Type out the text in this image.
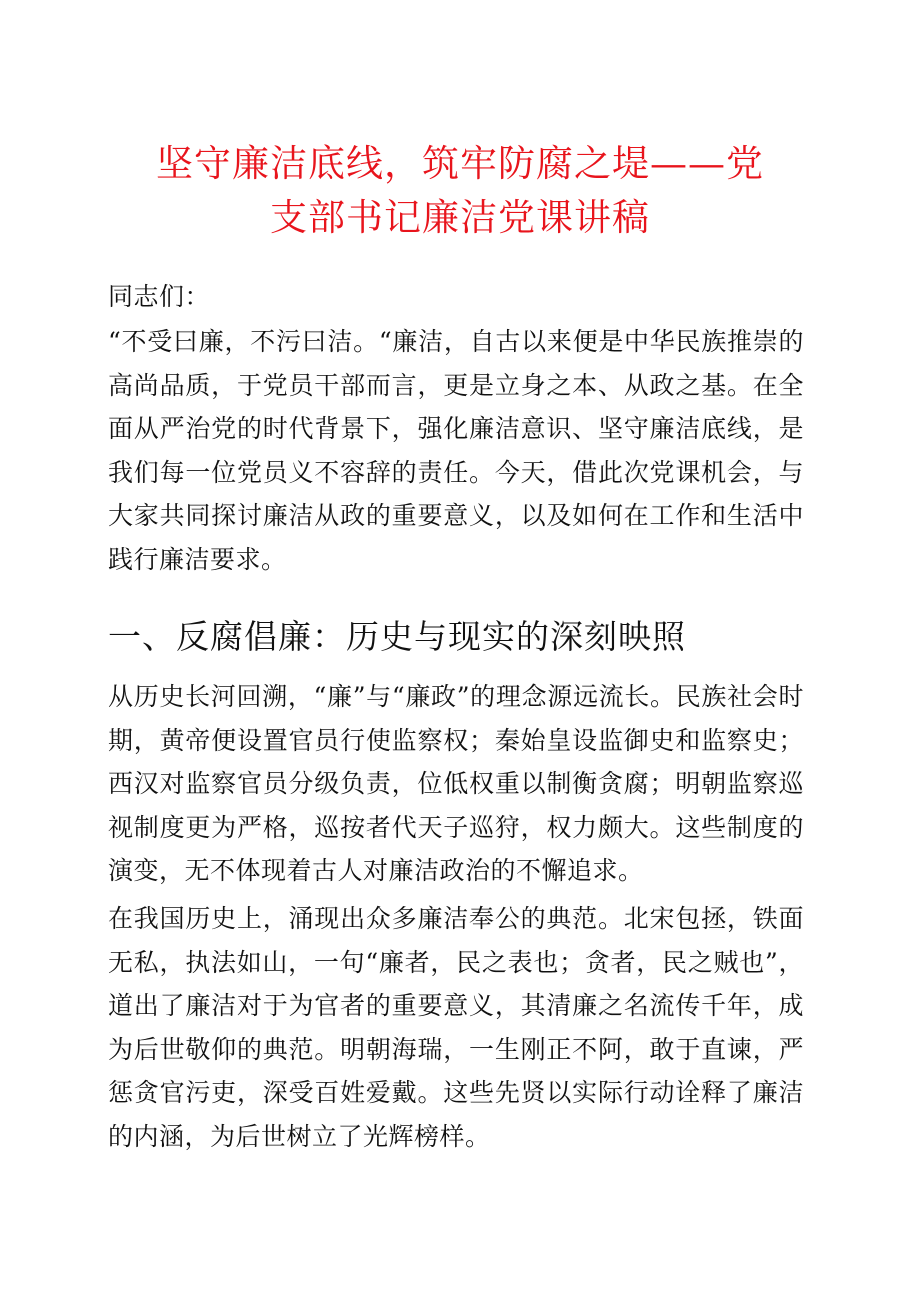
坚守廉洁底线，筑牢防腐之堤——党
支部书记廉洁党课讲稿

同志们：

“不受曰廉，不污曰洁。“廉洁，自古以来便是中华民族推崇的高尚品质，于党员干部而言，更是立身之本、从政之基。在全面从严治党的时代背景下，强化廉洁意识、坚守廉洁底线，是我们每一位党员义不容辞的责任。今天，借此次党课机会，与大家共同探讨廉洁从政的重要意义，以及如何在工作和生活中践行廉洁要求。

一、反腐倡廉：历史与现实的深刻映照

从历史长河回溯，“廉”与“廉政”的理念源远流长。民族社会时期，黄帝便设置官员行使监察权；秦始皇设监御史和监察史；西汉对监察官员分级负责，位低权重以制衡贪腐；明朝监察巡视制度更为严格，巡按者代天子巡狩，权力颇大。这些制度的演变，无不体现着古人对廉洁政治的不懈追求。

在我国历史上，涌现出众多廉洁奉公的典范。北宋包拯，铁面无私，执法如山，一句“廉者，民之表也；贪者，民之贼也”，道出了廉洁对于为官者的重要意义，其清廉之名流传千年，成为后世敬仰的典范。明朝海瑞，一生刚正不阿，敢于直谏，严惩贪官污吏，深受百姓爱戴。这些先贤以实际行动诠释了廉洁的内涵，为后世树立了光辉榜样。
